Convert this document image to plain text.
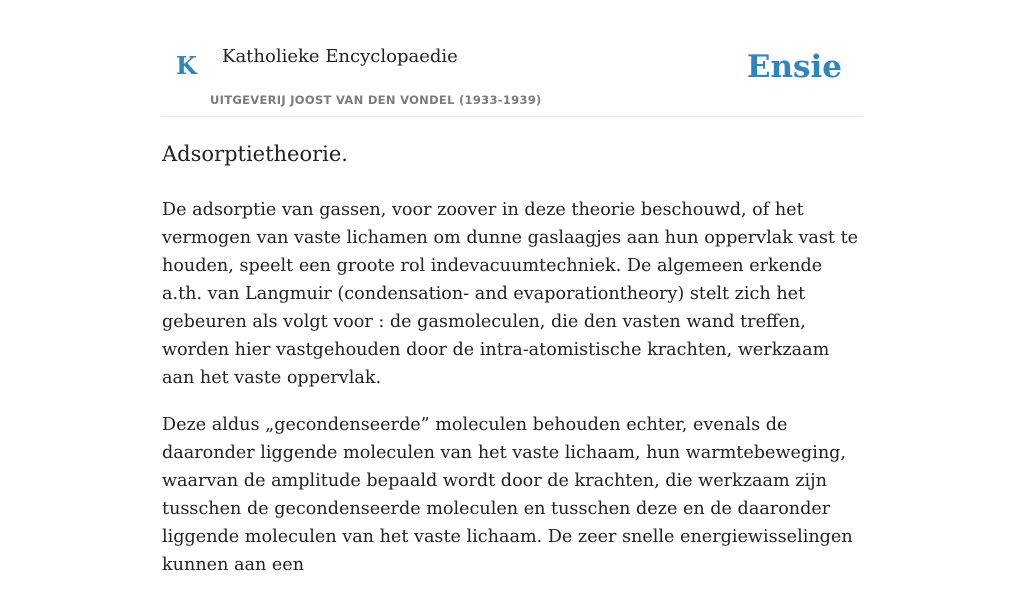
K Katholieke Encyclopaedie
UITGEVERIJ JOOST VAN DEN VONDEL (1933-1939)
Ensie
Adsorptietheorie.

De adsorptie van gassen, voor zoover in deze theorie beschouwd, of het vermogen van vaste lichamen om dunne gaslaagjes aan hun oppervlak vast te houden, speelt een groote rol indevacuumtechniek. De algemeen erkende a.th. van Langmuir (condensation- and evaporationtheory) stelt zich het gebeuren als volgt voor : de gasmoleculen, die den vasten wand treffen, worden hier vastgehouden door de intra-atomistische krachten, werkzaam aan het vaste oppervlak.

Deze aldus „gecondenseerde” moleculen behouden echter, evenals de daaronder liggende moleculen van het vaste lichaam, hun warmtebeweging, waarvan de amplitude bepaald wordt door de krachten, die werkzaam zijn tusschen de gecondenseerde moleculen en tusschen deze en de daaronder liggende moleculen van het vaste lichaam. De zeer snelle energiewisselingen kunnen aan een
